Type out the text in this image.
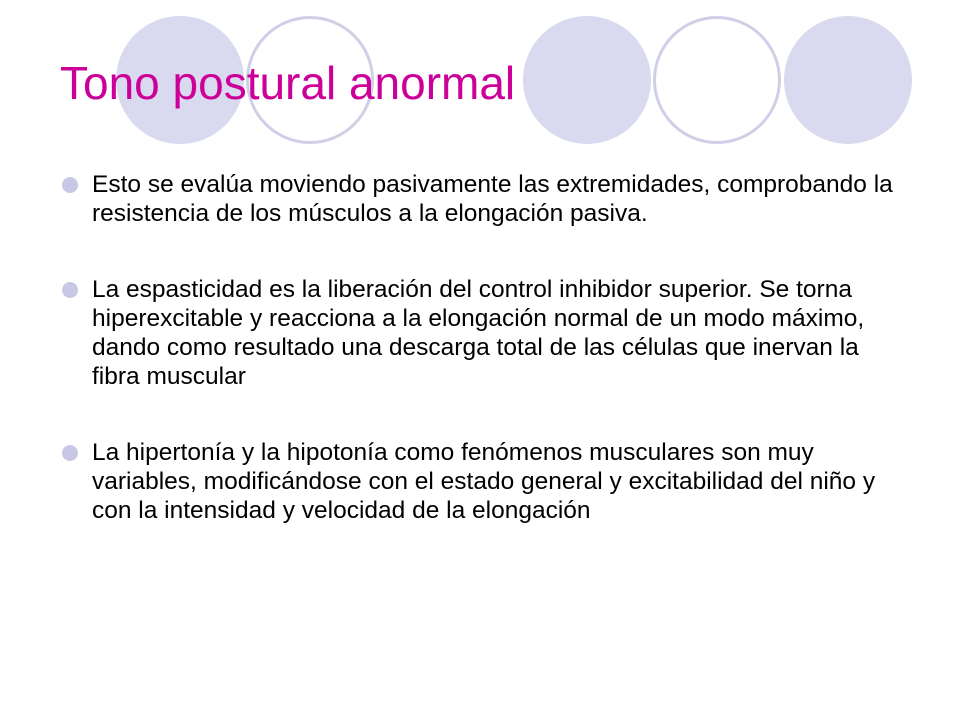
Tono postural anormal
Esto se evalúa moviendo pasivamente las extremidades, comprobando la resistencia de los músculos a la elongación pasiva.
La espasticidad es la liberación del control inhibidor superior. Se torna hiperexcitable y reacciona a la elongación normal de un modo máximo, dando como resultado una descarga total de las células que inervan la fibra muscular
La hipertonía y la hipotonía como fenómenos musculares son muy variables, modificándose con el estado general y excitabilidad del niño y con la intensidad y velocidad de la elongación
